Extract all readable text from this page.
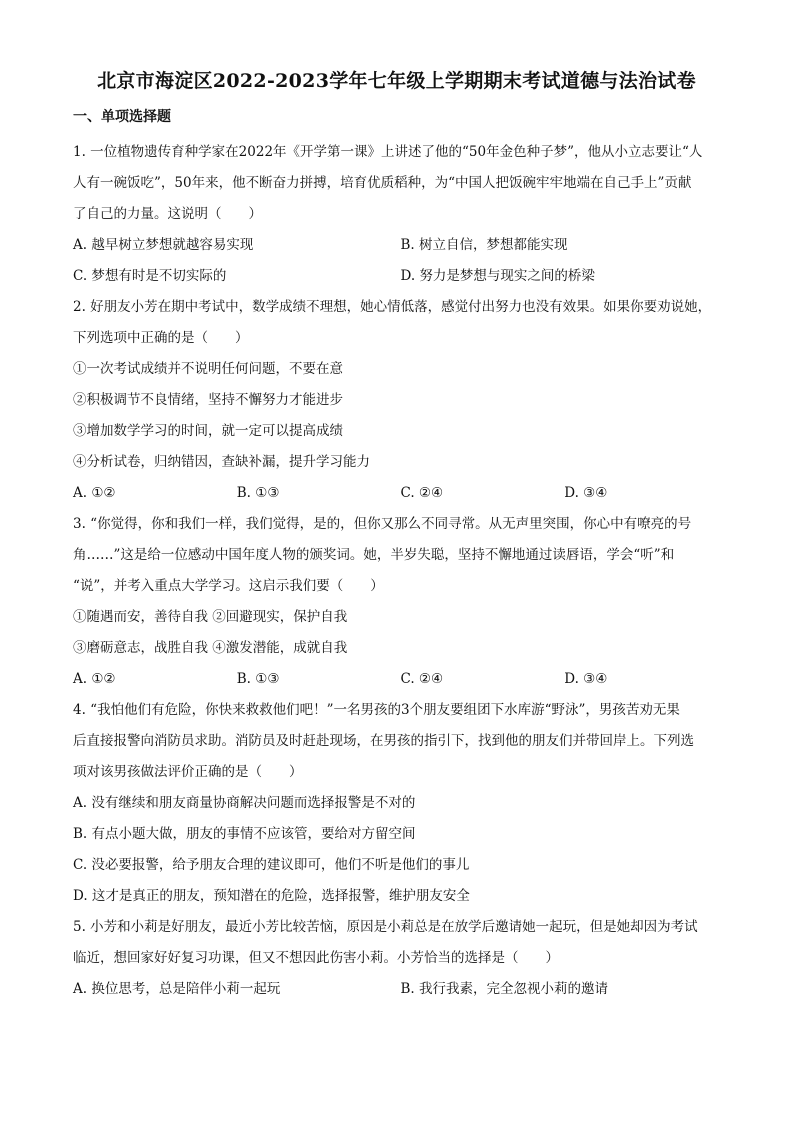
北京市海淀区2022-2023学年七年级上学期期末考试道德与法治试卷
一、单项选择题

1. 一位植物遗传育种学家在2022年《开学第一课》上讲述了他的“50年金色种子梦”，他从小立志要让“人
人有一碗饭吃”，50年来，他不断奋力拼搏，培育优质稻种，为“中国人把饭碗牢牢地端在自己手上”贡献
了自己的力量。这说明（　　）

A. 越早树立梦想就越容易实现	B. 树立自信，梦想都能实现
C. 梦想有时是不切实际的	D. 努力是梦想与现实之间的桥梁

2. 好朋友小芳在期中考试中，数学成绩不理想，她心情低落，感觉付出努力也没有效果。如果你要劝说她，
下列选项中正确的是（　　）

①一次考试成绩并不说明任何问题，不要在意

②积极调节不良情绪，坚持不懈努力才能进步

③增加数学学习的时间，就一定可以提高成绩

④分析试卷，归纳错因，查缺补漏，提升学习能力

A. ①②	B. ①③	C. ②④	D. ③④

3. “你觉得，你和我们一样，我们觉得，是的，但你又那么不同寻常。从无声里突围，你心中有嘹亮的号
角……”这是给一位感动中国年度人物的颁奖词。她，半岁失聪，坚持不懈地通过读唇语，学会“听”和
“说”，并考入重点大学学习。这启示我们要（　　）

①随遇而安，善待自我 ②回避现实，保护自我

③磨砺意志，战胜自我 ④激发潜能，成就自我

A. ①②	B. ①③	C. ②④	D. ③④

4. “我怕他们有危险，你快来救救他们吧！”一名男孩的3个朋友要组团下水库游“野泳”，男孩苦劝无果
后直接报警向消防员求助。消防员及时赶赴现场，在男孩的指引下，找到他的朋友们并带回岸上。下列选
项对该男孩做法评价正确的是（　　）

A. 没有继续和朋友商量协商解决问题而选择报警是不对的

B. 有点小题大做，朋友的事情不应该管，要给对方留空间

C. 没必要报警，给予朋友合理的建议即可，他们不听是他们的事儿

D. 这才是真正的朋友，预知潜在的危险，选择报警，维护朋友安全

5. 小芳和小莉是好朋友，最近小芳比较苦恼，原因是小莉总是在放学后邀请她一起玩，但是她却因为考试
临近，想回家好好复习功课，但又不想因此伤害小莉。小芳恰当的选择是（　　）

A. 换位思考，总是陪伴小莉一起玩	B. 我行我素，完全忽视小莉的邀请
